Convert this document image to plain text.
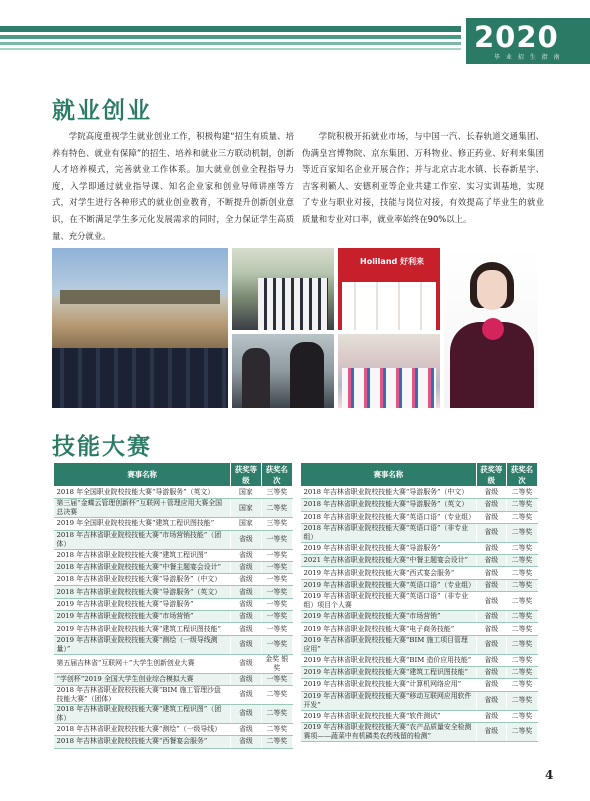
2020
毕 业 招 生 指 南
就业创业
学院高度重视学生就业创业工作，积极构建“招生有质量、培养有特色、就业有保障”的招生、培养和就业三方联动机制，创新人才培养模式，完善就业工作体系。加大就业创业全程指导力度，入学即通过就业指导课、知名企业家和创业导师讲座等方式，对学生进行各种形式的就业创业教育，不断提升创新创业意识，在不断满足学生多元化发展需求的同时，全力保证学生高质量、充分就业。
学院积极开拓就业市场，与中国一汽、长春轨道交通集团、伪满皇宫博物院、京东集团、万科物业、修正药业、好利来集团等近百家知名企业开展合作；并与北京古北水镇、长春新星宇、吉客利籁人、安德利亚等企业共建工作室、实习实训基地，实现了专业与职业对接，技能与岗位对接，有效提高了毕业生的就业质量和专业对口率，就业率始终在90%以上。
Holiland 好利来
技能大赛
赛事名称	获奖等级	获奖名次
2018 年全国职业院校技能大赛“导游服务”（英文）	国家	三等奖
第三届“金蝶云管理创新杯”互联网＋管理应用大赛全国总决赛	国家	二等奖
2019 年全国职业院校技能大赛“建筑工程识图技能”	国家	三等奖
2018 年吉林省职业院校技能大赛“市场营销技能”（团体）	省级	一等奖
2018 年吉林省职业院校技能大赛“建筑工程识图”	省级	一等奖
2018 年吉林省职业院校技能大赛“中餐主题宴会设计”	省级	一等奖
2018 年吉林省职业院校技能大赛“导游服务”（中文）	省级	一等奖
2018 年吉林省职业院校技能大赛“导游服务”（英文）	省级	一等奖
2019 年吉林省职业院校技能大赛“导游服务”	省级	一等奖
2019 年吉林省职业院校技能大赛“市场营销”	省级	一等奖
2019 年吉林省职业院校技能大赛“建筑工程识图技能”	省级	一等奖
2019 年吉林省职业院校技能大赛“测绘（一级导线测量）”	省级	一等奖
第五届吉林省“互联网＋”大学生创新创业大赛	省级	金奖 银奖
“学创杯”2019 全国大学生创业综合模拟大赛	省级	一等奖
2018 年吉林省职业院校技能大赛“BIM 施工管理沙盘技能大赛”（团体）	省级	二等奖
2018 年吉林省职业院校技能大赛“建筑工程识图”（团体）	省级	二等奖
2018 年吉林省职业院校技能大赛“测绘”（一级导线）	省级	二等奖
2018 年吉林省职业院校技能大赛“西餐宴会服务”	省级	二等奖
赛事名称	获奖等级	获奖名次
2018 年吉林省职业院校技能大赛“导游服务”（中文）	省级	二等奖
2018 年吉林省职业院校技能大赛“导游服务”（英文）	省级	二等奖
2018 年吉林省职业院校技能大赛“英语口语”（专业组）	省级	二等奖
2018 年吉林省职业院校技能大赛“英语口语”（非专业组）	省级	二等奖
2019 年吉林省职业院校技能大赛“导游服务”	省级	二等奖
2021 年吉林省职业院校技能大赛“中餐主题宴会设计”	省级	二等奖
2019 年吉林省职业院校技能大赛“西式宴会服务”	省级	二等奖
2019 年吉林省职业院校技能大赛“英语口语”（专业组）	省级	二等奖
2019 年吉林省职业院校技能大赛“英语口语”（非专业组）项目个人赛	省级	二等奖
2019 年吉林省职业院校技能大赛“市场营销”	省级	二等奖
2019 年吉林省职业院校技能大赛“电子商务技能”	省级	二等奖
2019 年吉林省职业院校技能大赛“BIM 施工项目管理应用”	省级	二等奖
2019 年吉林省职业院校技能大赛“BIM 造价应用技能”	省级	二等奖
2019 年吉林省职业院校技能大赛“建筑工程识图技能”	省级	二等奖
2019 年吉林省职业院校技能大赛“计算机网络应用”	省级	二等奖
2019 年吉林省职业院校技能大赛“移动互联网应用软件开发”	省级	二等奖
2019 年吉林省职业院校技能大赛“软件测试”	省级	二等奖
2019 年吉林省职业院校技能大赛“农产品质量安全检测赛项——蔬菜中有机磷类农药残留的检测”	省级	二等奖
4
